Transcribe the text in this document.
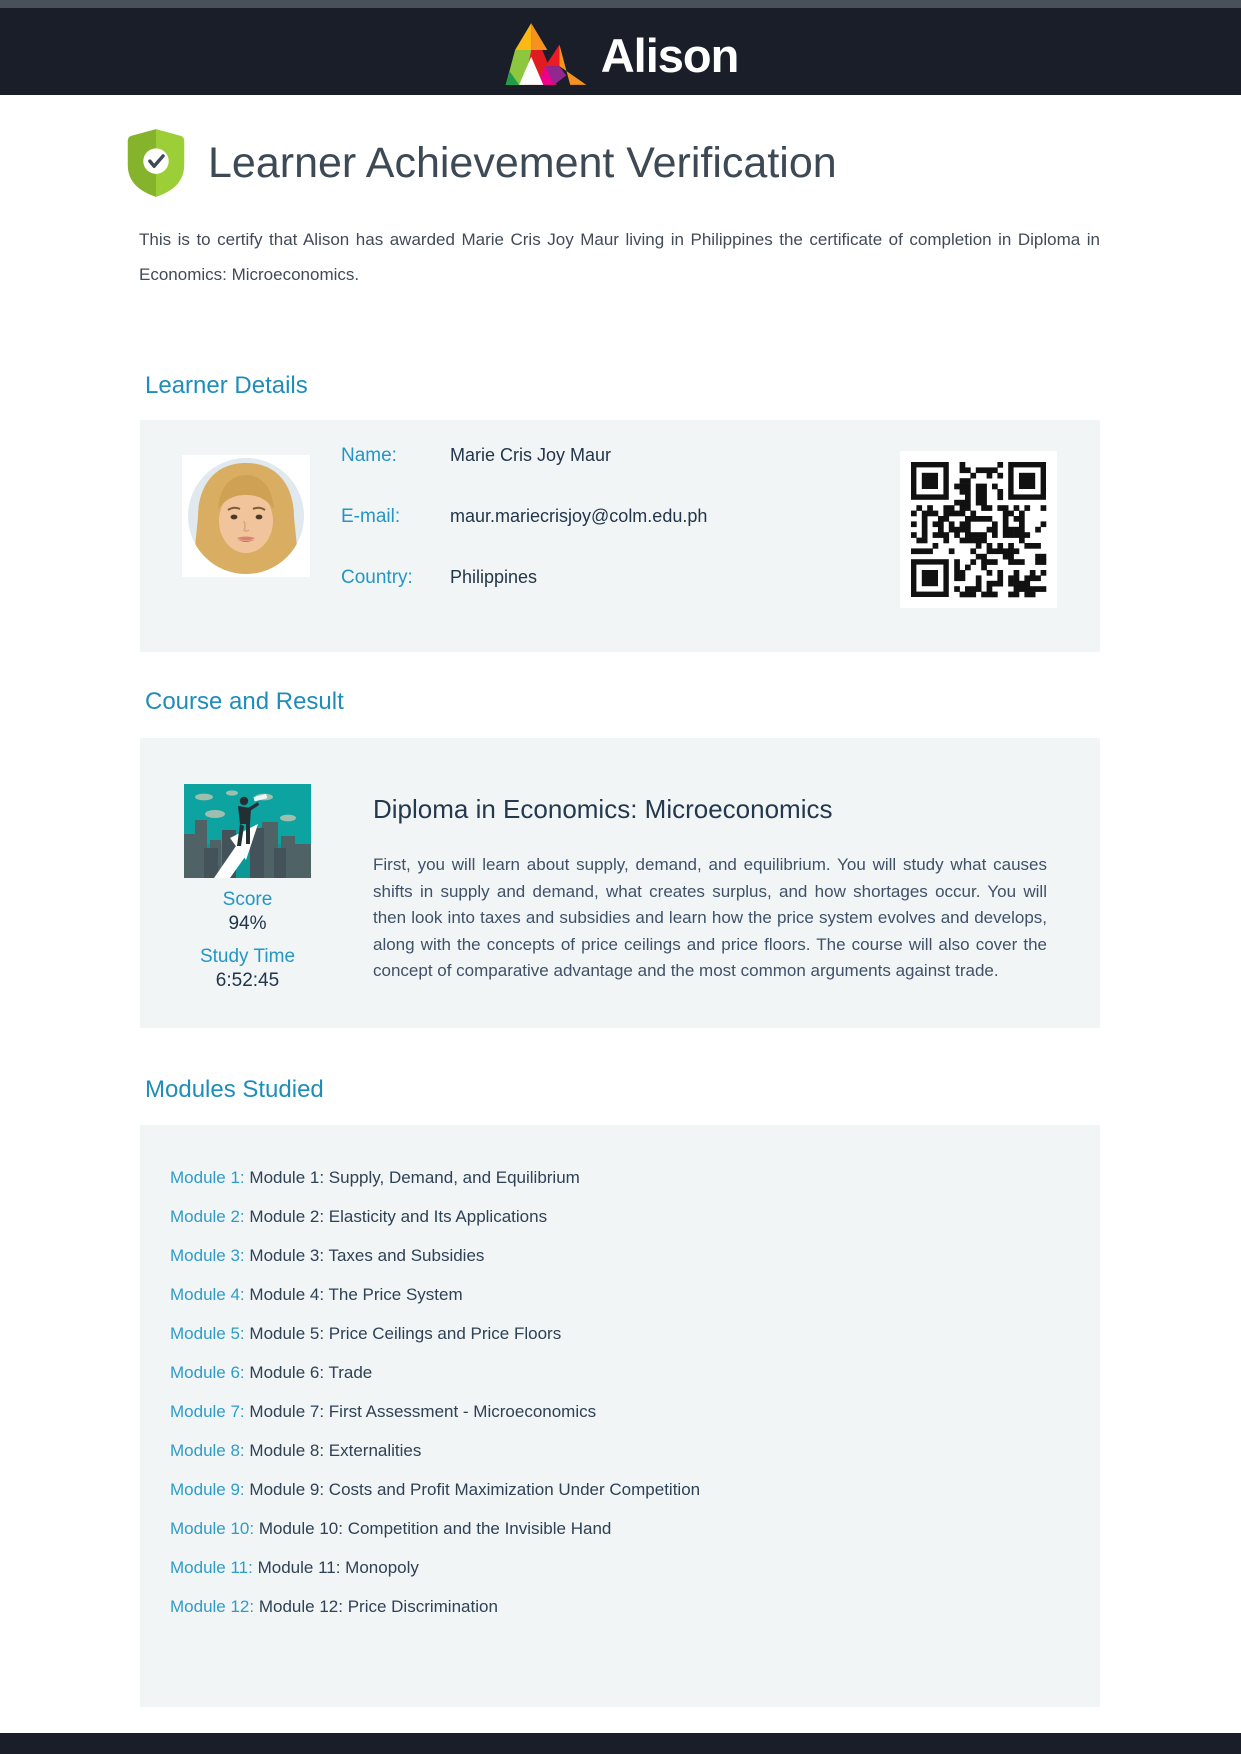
Alison
Learner Achievement Verification
This is to certify that Alison has awarded Marie Cris Joy Maur living in Philippines the certificate of completion in Diploma in Economics: Microeconomics.
Learner Details
Name:	Marie Cris Joy Maur
E-mail:	maur.mariecrisjoy@colm.edu.ph
Country:	Philippines
Course and Result
Score
94%
Study Time
6:52:45
Diploma in Economics: Microeconomics
First, you will learn about supply, demand, and equilibrium. You will study what causes shifts in supply and demand, what creates surplus, and how shortages occur. You will then look into taxes and subsidies and learn how the price system evolves and develops, along with the concepts of price ceilings and price floors. The course will also cover the concept of comparative advantage and the most common arguments against trade.
Modules Studied
Module 1: Module 1: Supply, Demand, and Equilibrium
Module 2: Module 2: Elasticity and Its Applications
Module 3: Module 3: Taxes and Subsidies
Module 4: Module 4: The Price System
Module 5: Module 5: Price Ceilings and Price Floors
Module 6: Module 6: Trade
Module 7: Module 7: First Assessment - Microeconomics
Module 8: Module 8: Externalities
Module 9: Module 9: Costs and Profit Maximization Under Competition
Module 10: Module 10: Competition and the Invisible Hand
Module 11: Module 11: Monopoly
Module 12: Module 12: Price Discrimination
